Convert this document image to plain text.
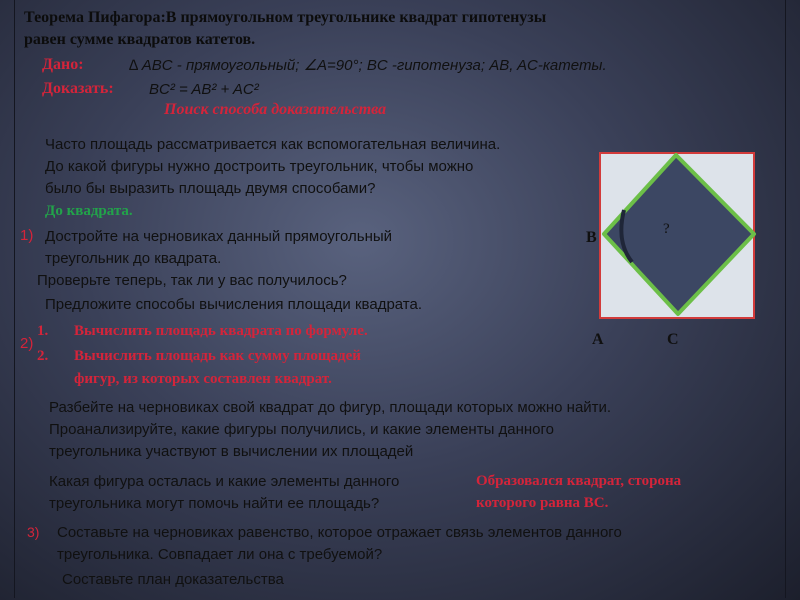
Теорема Пифагора:В прямоугольном треугольнике квадрат гипотенузы
равен сумме квадратов катетов.
Дано:	∆ ABC - прямоугольный; ∠A=90°; BC -гипотенуза; AB, AC-катеты.
Доказать: BC² = AB² + AC²
Поиск способа доказательства
Часто площадь рассматривается как вспомогательная величина.
До какой фигуры нужно достроить треугольник, чтобы можно
было бы выразить площадь двумя способами?
До квадрата.
1) Достройте на черновиках данный прямоугольный
треугольник до квадрата.
Проверьте теперь, так ли у вас получилось?
Предложите способы вычисления площади квадрата.
2)
1. Вычислить площадь квадрата по формуле.
2. Вычислить площадь как сумму площадей
фигур, из которых составлен квадрат.
Разбейте на черновиках свой квадрат до фигур, площади которых можно найти.
Проанализируйте, какие фигуры получились, и какие элементы данного
треугольника участвуют в вычислении их площадей
Какая фигура осталась и какие элементы данного
треугольника могут помочь найти ее площадь?
Образовался квадрат, сторона
которого равна ВС.
3) Составьте на черновиках равенство, которое отражает связь элементов данного
треугольника. Совпадает ли она с требуемой?
Составьте план доказательства
?
B
A	C
